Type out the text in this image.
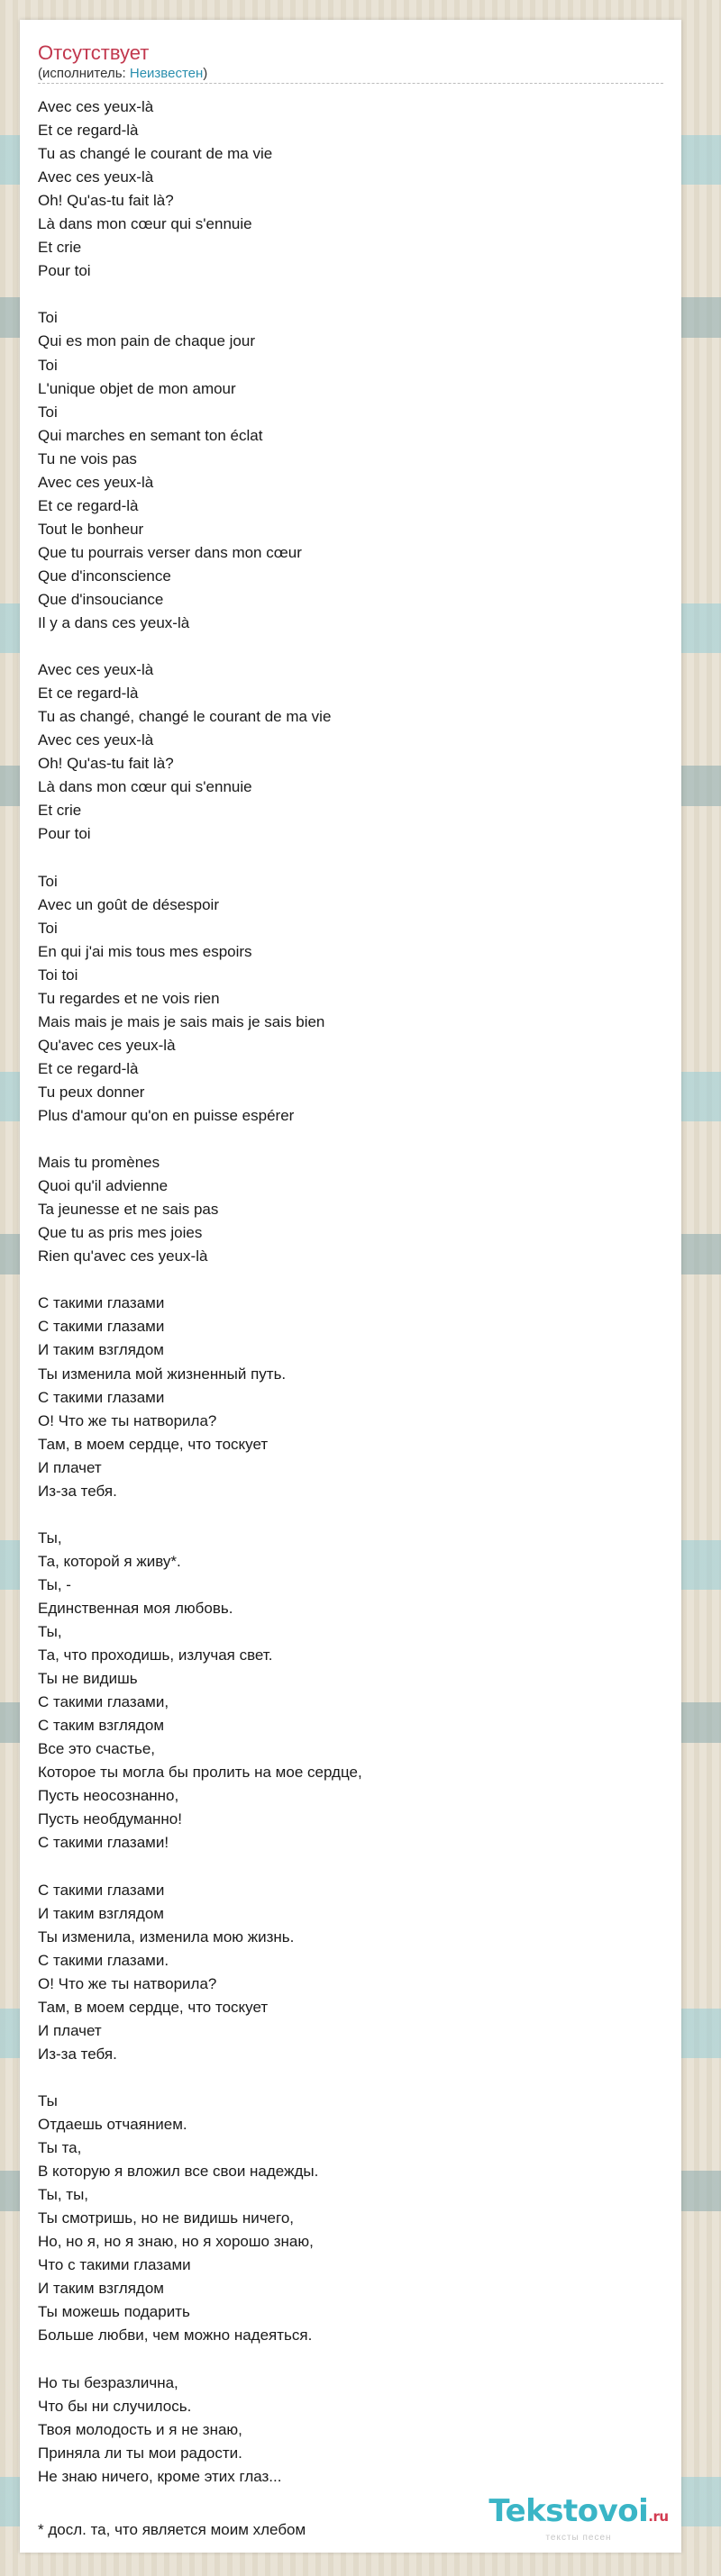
Отсутствует
(исполнитель: Неизвестен)
Avec ces yeux-là
Et ce regard-là
Tu as changé le courant de ma vie
Avec ces yeux-là
Oh! Qu'as-tu fait là?
Là dans mon cœur qui s'ennuie
Et crie
Pour toi

Toi
Qui es mon pain de chaque jour
Toi
L'unique objet de mon amour
Toi
Qui marches en semant ton éclat
Tu ne vois pas
Avec ces yeux-là
Et ce regard-là
Tout le bonheur
Que tu pourrais verser dans mon cœur
Que d'inconscience
Que d'insouciance
Il y a dans ces yeux-là

Avec ces yeux-là
Et ce regard-là
Tu as changé, changé le courant de ma vie
Avec ces yeux-là
Oh! Qu'as-tu fait là?
Là dans mon cœur qui s'ennuie
Et crie
Pour toi

Toi
Avec un goût de désespoir
Toi
En qui j'ai mis tous mes espoirs
Toi toi
Tu regardes et ne vois rien
Mais mais je mais je sais mais je sais bien
Qu'avec ces yeux-là
Et ce regard-là
Tu peux donner
Plus d'amour qu'on en puisse espérer

Mais tu promènes
Quoi qu'il advienne
Ta jeunesse et ne sais pas
Que tu as pris mes joies
Rien qu'avec ces yeux-là

С такими глазами
С такими глазами
И таким взглядом
Ты изменила мой жизненный путь.
С такими глазами
О! Что же ты натворила?
Там, в моем сердце, что тоскует
И плачет
Из-за тебя.

Ты,
Та, которой я живу*.
Ты, -
Единственная моя любовь.
Ты,
Та, что проходишь, излучая свет.
Ты не видишь
С такими глазами,
С таким взглядом
Все это счастье,
Которое ты могла бы пролить на мое сердце,
Пусть неосознанно,
Пусть необдуманно!
С такими глазами!

С такими глазами
И таким взглядом
Ты изменила, изменила мою жизнь.
С такими глазами.
О! Что же ты натворила?
Там, в моем сердце, что тоскует
И плачет
Из-за тебя.

Ты
Отдаешь отчаянием.
Ты та,
В которую я вложил все свои надежды.
Ты, ты,
Ты смотришь, но не видишь ничего,
Но, но я, но я знаю, но я хорошо знаю,
Что с такими глазами
И таким взглядом
Ты можешь подарить
Больше любви, чем можно надеяться.

Но ты безразлична,
Что бы ни случилось.
Твоя молодость и я не знаю,
Приняла ли ты мои радости.
Не знаю ничего, кроме этих глаз...

* досл. та, что является моим хлебом
Tekstovoi.ru
тексты песен
